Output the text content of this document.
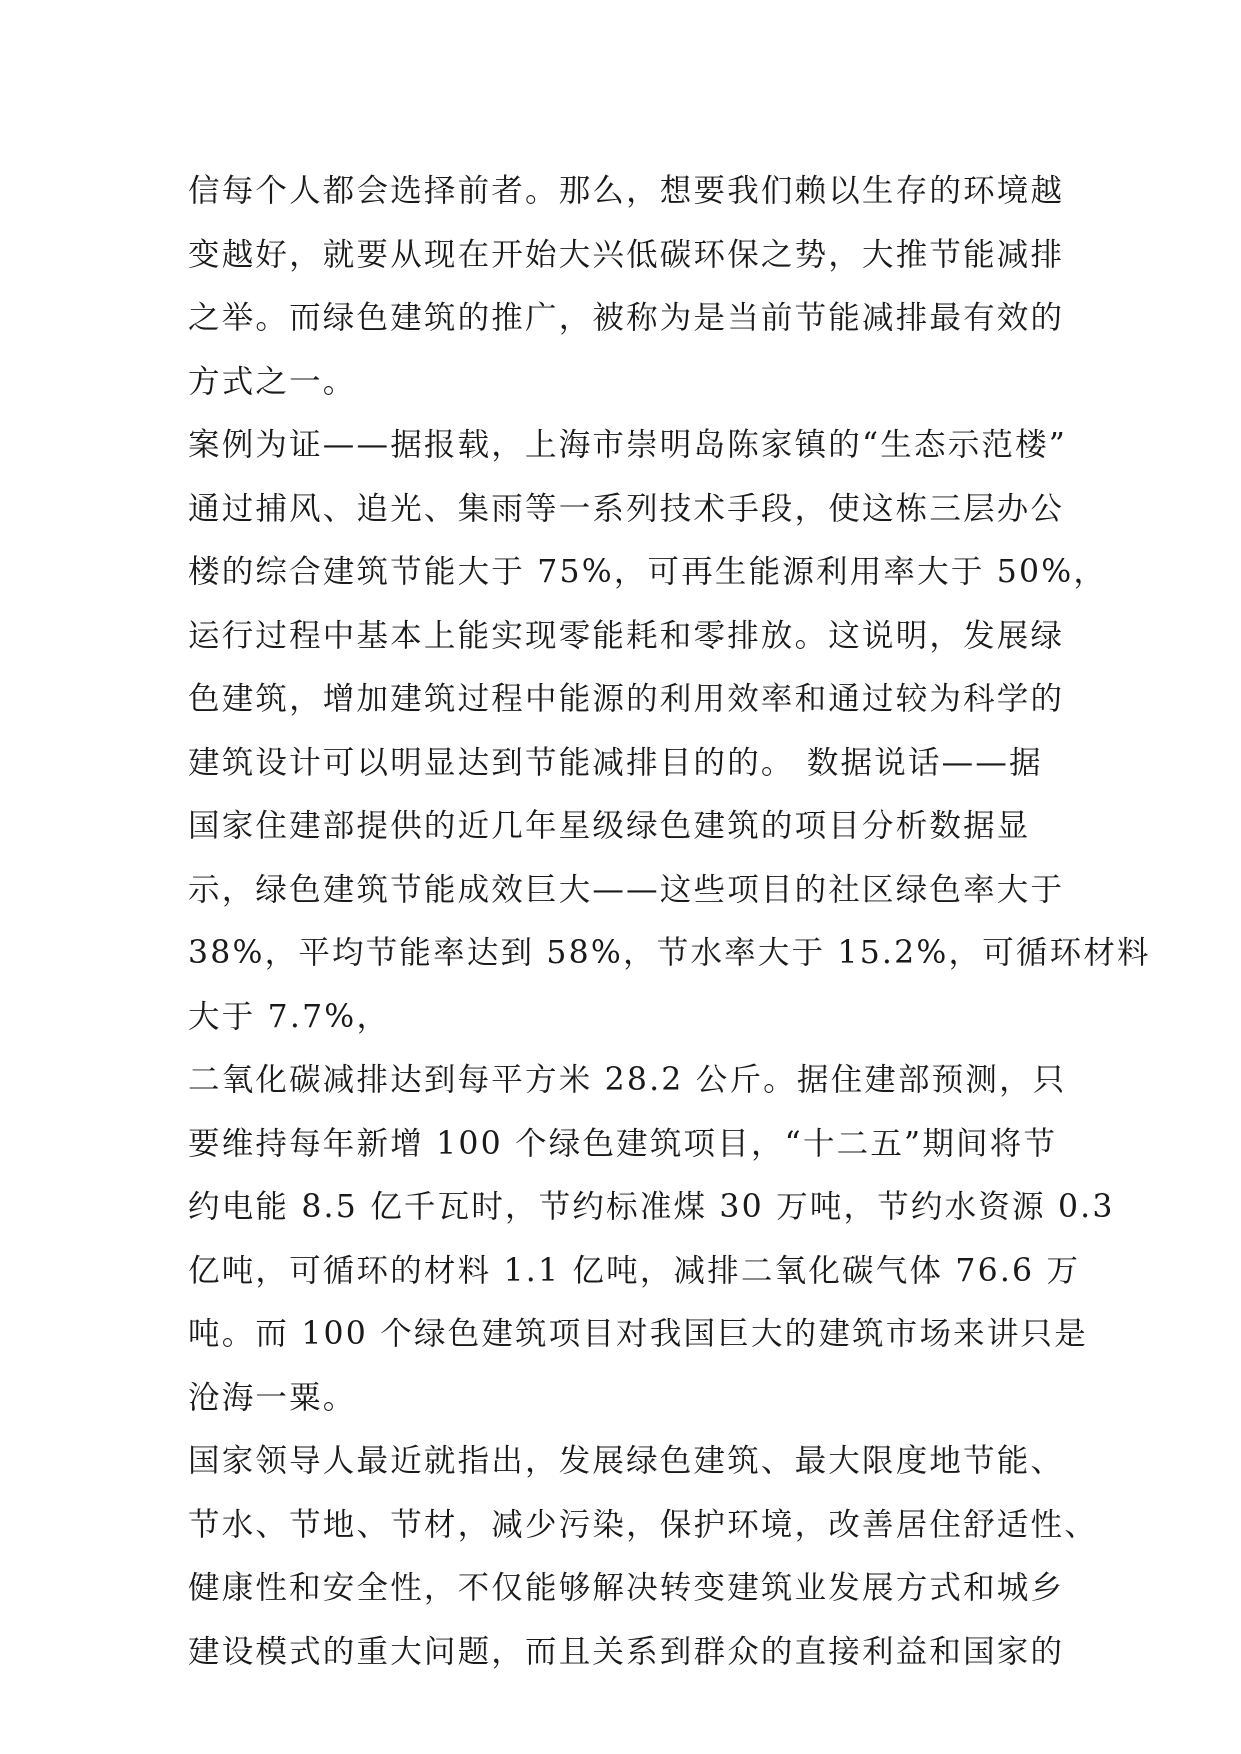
信每个人都会选择前者。那么，想要我们赖以生存的环境越
变越好，就要从现在开始大兴低碳环保之势，大推节能减排
之举。而绿色建筑的推广，被称为是当前节能减排最有效的
方式之一。
案例为证——据报载，上海市崇明岛陈家镇的“生态示范楼”
通过捕风、追光、集雨等一系列技术手段，使这栋三层办公
楼的综合建筑节能大于 75%，可再生能源利用率大于 50%，
运行过程中基本上能实现零能耗和零排放。这说明，发展绿
色建筑，增加建筑过程中能源的利用效率和通过较为科学的
建筑设计可以明显达到节能减排目的的。 数据说话——据
国家住建部提供的近几年星级绿色建筑的项目分析数据显
示，绿色建筑节能成效巨大——这些项目的社区绿色率大于
38%，平均节能率达到 58%，节水率大于 15.2%，可循环材料
大于 7.7%，
二氧化碳减排达到每平方米 28.2 公斤。据住建部预测，只
要维持每年新增 100 个绿色建筑项目，“十二五”期间将节
约电能 8.5 亿千瓦时，节约标准煤 30 万吨，节约水资源 0.3
亿吨，可循环的材料 1.1 亿吨，减排二氧化碳气体 76.6 万
吨。而 100 个绿色建筑项目对我国巨大的建筑市场来讲只是
沧海一粟。
国家领导人最近就指出，发展绿色建筑、最大限度地节能、
节水、节地、节材，减少污染，保护环境，改善居住舒适性、
健康性和安全性，不仅能够解决转变建筑业发展方式和城乡
建设模式的重大问题，而且关系到群众的直接利益和国家的
